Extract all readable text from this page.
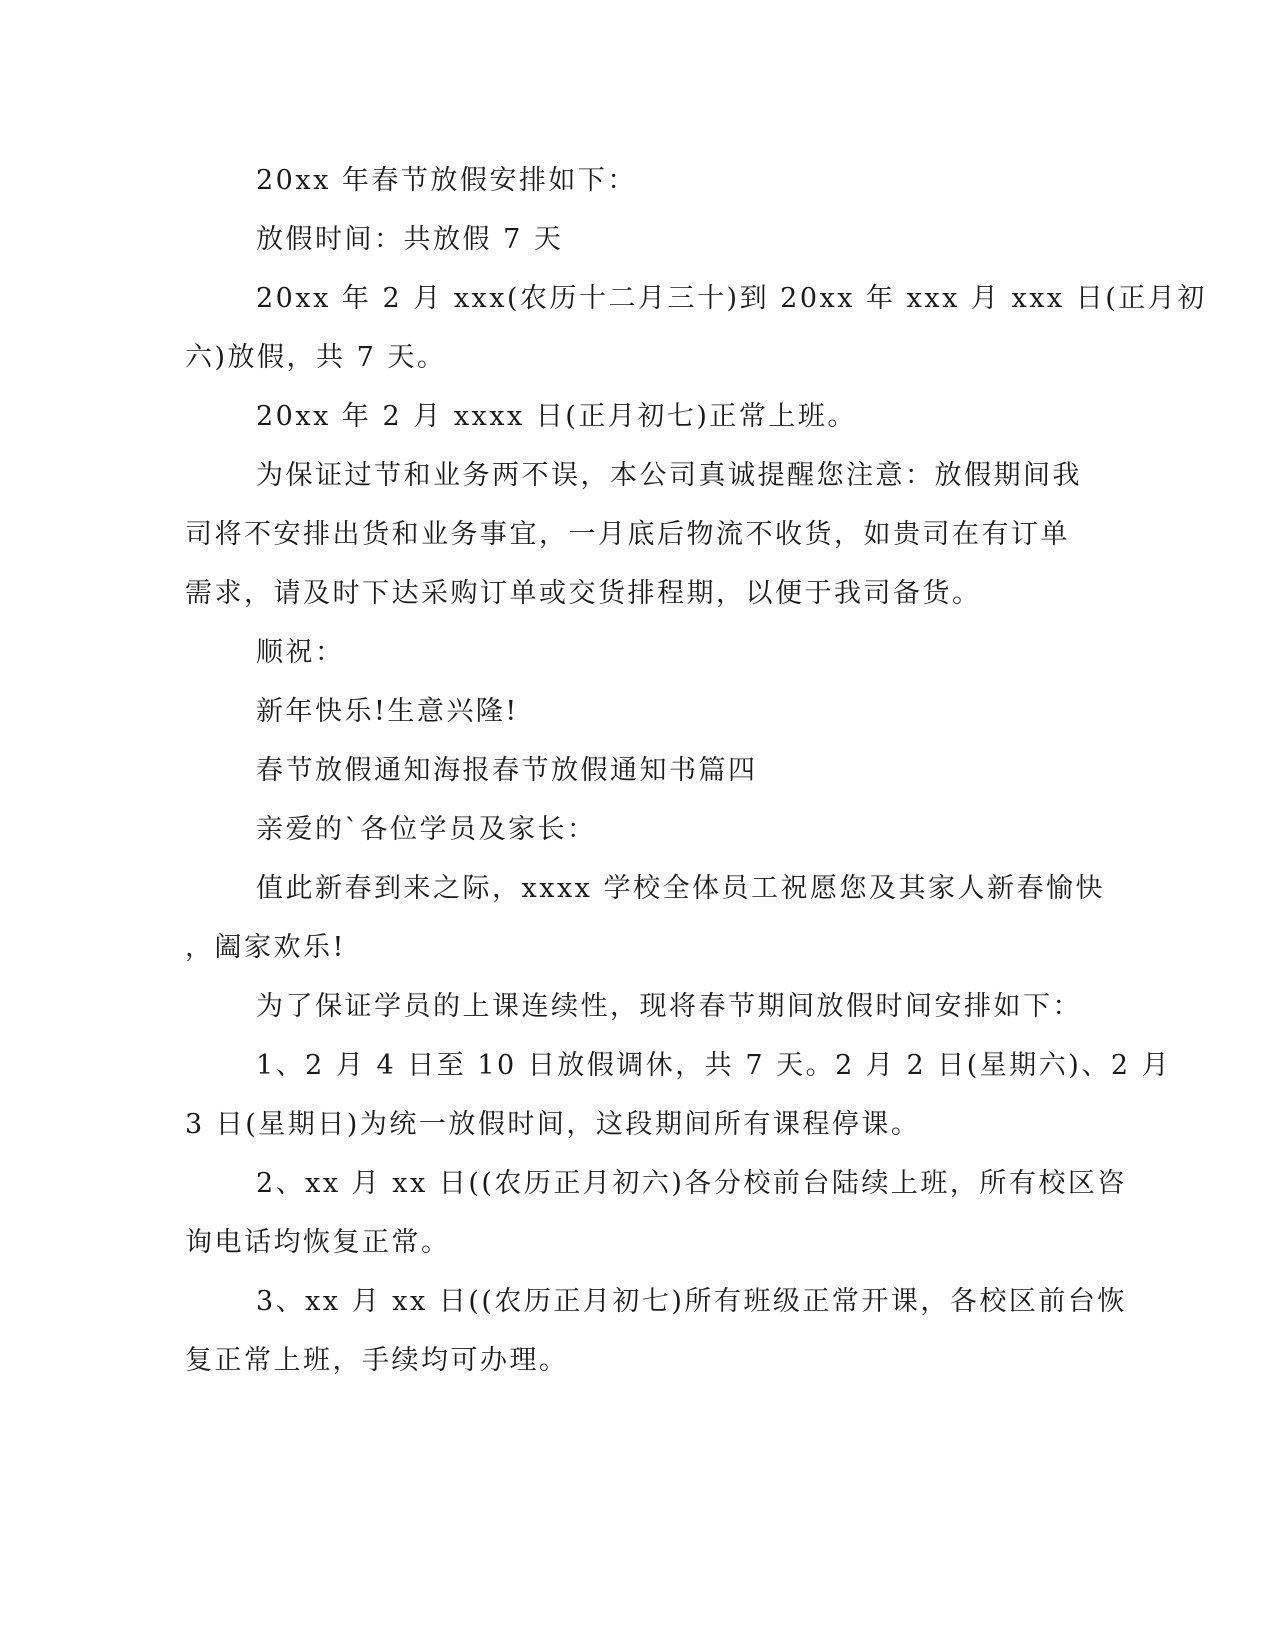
20xx 年春节放假安排如下：
放假时间：共放假 7 天
20xx 年 2 月 xxx(农历十二月三十)到 20xx 年 xxx 月 xxx 日(正月初
六)放假，共 7 天。
20xx 年 2 月 xxxx 日(正月初七)正常上班。
为保证过节和业务两不误，本公司真诚提醒您注意：放假期间我
司将不安排出货和业务事宜，一月底后物流不收货，如贵司在有订单
需求，请及时下达采购订单或交货排程期，以便于我司备货。
顺祝：
新年快乐!生意兴隆!
春节放假通知海报春节放假通知书篇四
亲爱的`各位学员及家长：
值此新春到来之际，xxxx 学校全体员工祝愿您及其家人新春愉快
，阖家欢乐!
为了保证学员的上课连续性，现将春节期间放假时间安排如下：
1、2 月 4 日至 10 日放假调休，共 7 天。2 月 2 日(星期六)、2 月
3 日(星期日)为统一放假时间，这段期间所有课程停课。
2、xx 月 xx 日((农历正月初六)各分校前台陆续上班，所有校区咨
询电话均恢复正常。
3、xx 月 xx 日((农历正月初七)所有班级正常开课，各校区前台恢
复正常上班，手续均可办理。
